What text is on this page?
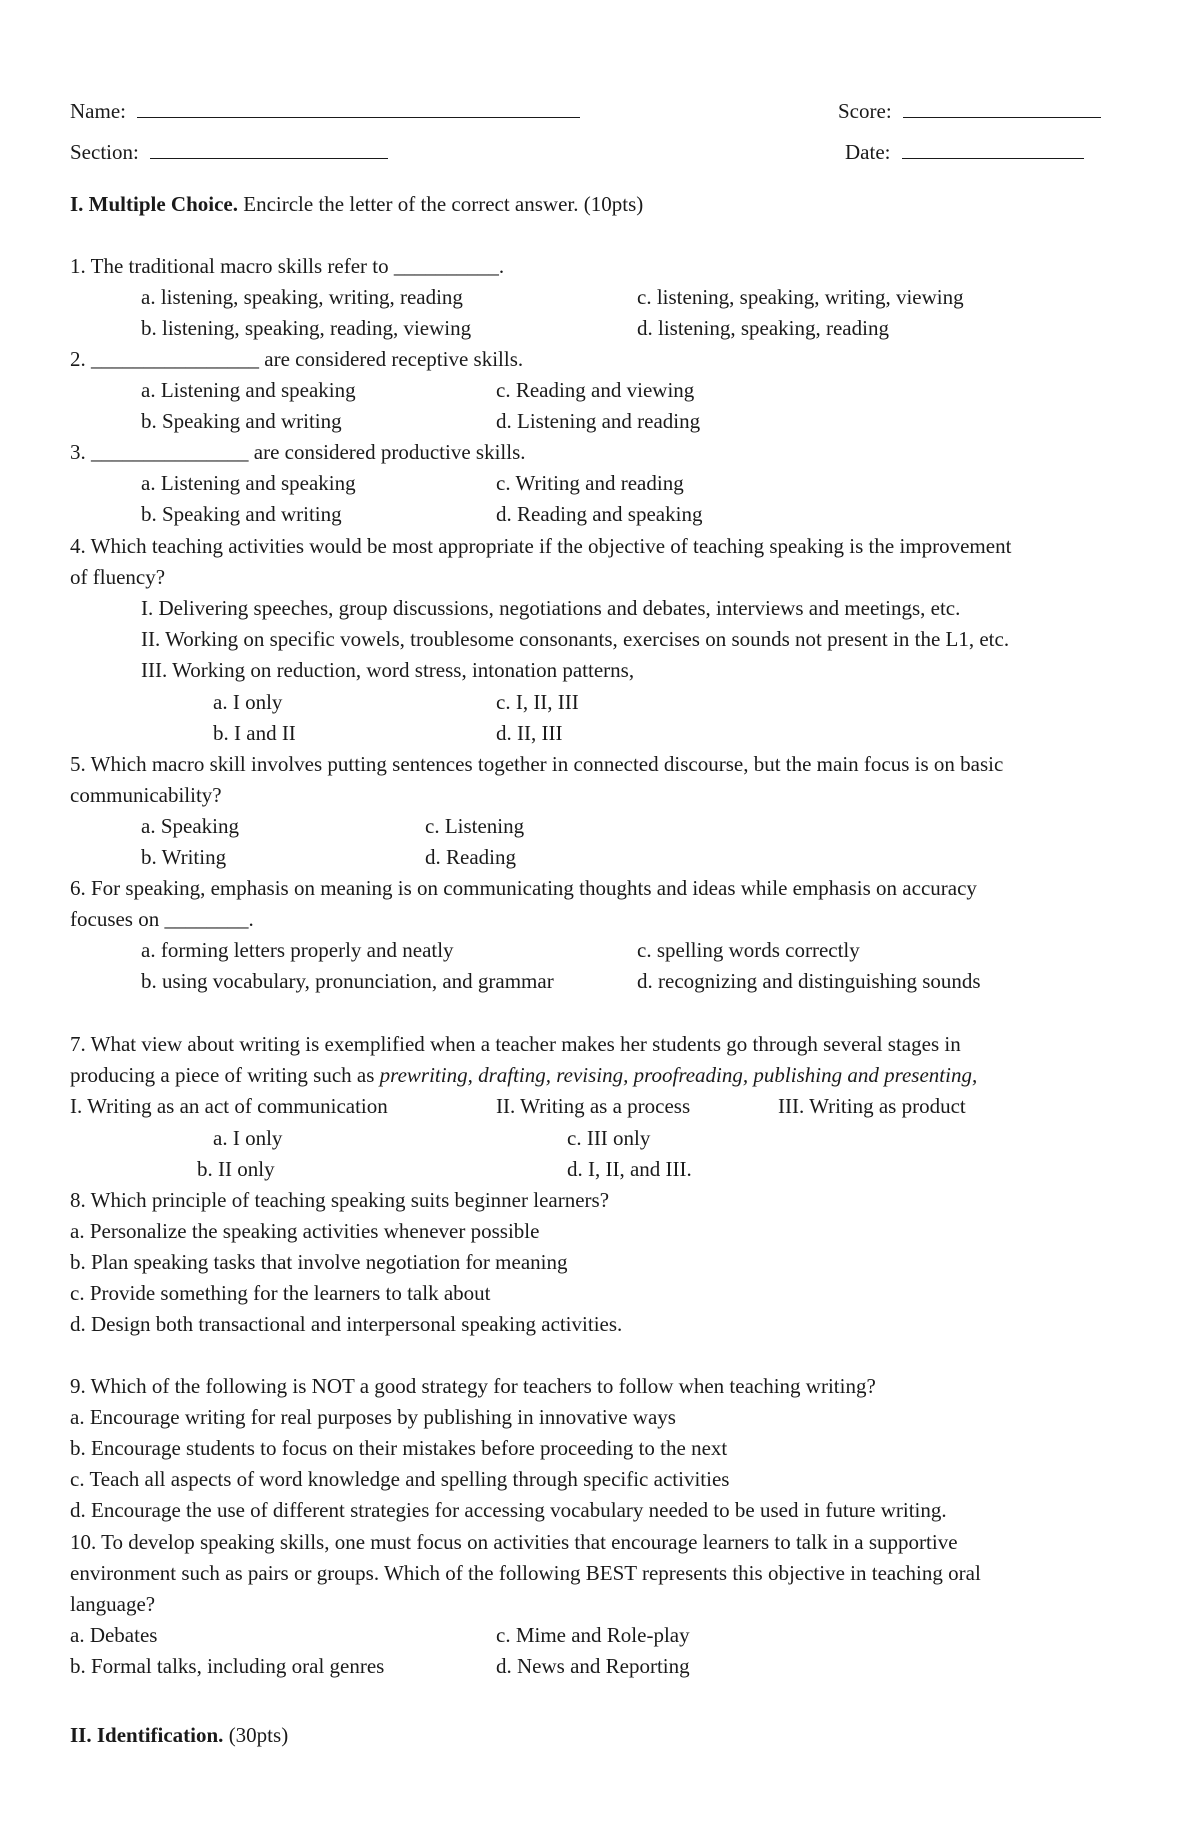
Name:	Score:
Section:	Date:
I. Multiple Choice. Encircle the letter of the correct answer. (10pts)
1. The traditional macro skills refer to __________.
a. listening, speaking, writing, reading	c. listening, speaking, writing, viewing
b. listening, speaking, reading, viewing	d. listening, speaking, reading
2. ________________ are considered receptive skills.
a. Listening and speaking	c. Reading and viewing
b. Speaking and writing	d. Listening and reading
3. _______________ are considered productive skills.
a. Listening and speaking	c. Writing and reading
b. Speaking and writing	d. Reading and speaking
4. Which teaching activities would be most appropriate if the objective of teaching speaking is the improvement
of fluency?
I. Delivering speeches, group discussions, negotiations and debates, interviews and meetings, etc.
II. Working on specific vowels, troublesome consonants, exercises on sounds not present in the L1, etc.
III. Working on reduction, word stress, intonation patterns,
a. I only	c. I, II, III
b. I and II	d. II, III
5. Which macro skill involves putting sentences together in connected discourse, but the main focus is on basic
communicability?
a. Speaking	c. Listening
b. Writing	d. Reading
6. For speaking, emphasis on meaning is on communicating thoughts and ideas while emphasis on accuracy
focuses on ________.
a. forming letters properly and neatly	c. spelling words correctly
b. using vocabulary, pronunciation, and grammar	d. recognizing and distinguishing sounds
7. What view about writing is exemplified when a teacher makes her students go through several stages in
producing a piece of writing such as prewriting, drafting, revising, proofreading, publishing and presenting,
I. Writing as an act of communication	II. Writing as a process	III. Writing as product
a. I only	c. III only
b. II only	d. I, II, and III.
8. Which principle of teaching speaking suits beginner learners?
a. Personalize the speaking activities whenever possible
b. Plan speaking tasks that involve negotiation for meaning
c. Provide something for the learners to talk about
d. Design both transactional and interpersonal speaking activities.
9. Which of the following is NOT a good strategy for teachers to follow when teaching writing?
a. Encourage writing for real purposes by publishing in innovative ways
b. Encourage students to focus on their mistakes before proceeding to the next
c. Teach all aspects of word knowledge and spelling through specific activities
d. Encourage the use of different strategies for accessing vocabulary needed to be used in future writing.
10. To develop speaking skills, one must focus on activities that encourage learners to talk in a supportive
environment such as pairs or groups. Which of the following BEST represents this objective in teaching oral
language?
a. Debates	c. Mime and Role-play
b. Formal talks, including oral genres	d. News and Reporting
II. Identification. (30pts)
